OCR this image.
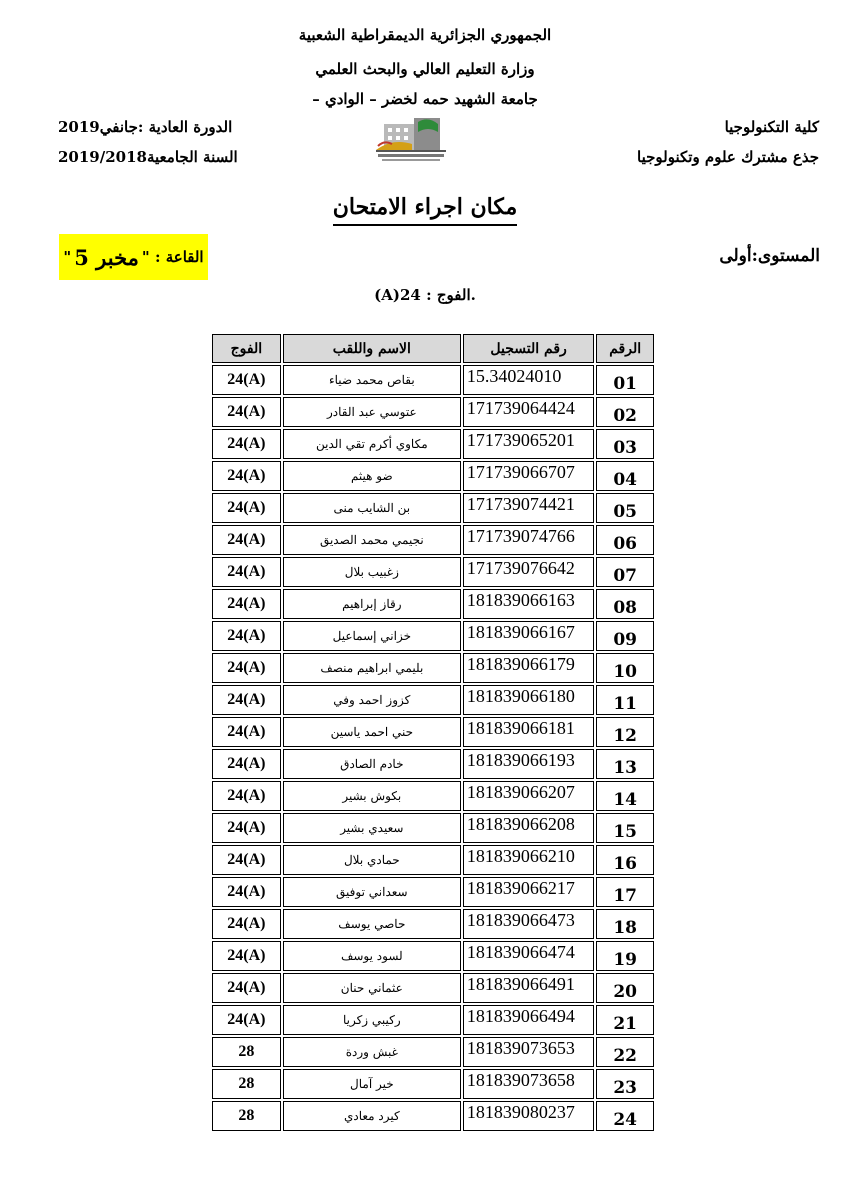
الجمهوري الجزائرية الديمقراطية الشعبية
وزارة التعليم العالي والبحث العلمي
جامعة الشهيد حمه لخضر – الوادي –
كلية التكنولوجيا
جذع مشترك علوم وتكنولوجيا
الدورة العادية :جانفي2019
السنة الجامعية2019/2018
مكان اجراء الامتحان
المستوى:أولى
القاعة : "
مخبر 5
"
.الفوج : 24(A)
الرقم	رقم التسجيل	الاسم واللقب	الفوج
01	15.34024010	بقاص محمد ضياء	24(A)
02	171739064424	عتوسي عبد القادر	24(A)
03	171739065201	مكاوي أكرم تقي الدين	24(A)
04	171739066707	ضو هيثم	24(A)
05	171739074421	بن الشايب منى	24(A)
06	171739074766	نجيمي محمد الصديق	24(A)
07	171739076642	زغبيب بلال	24(A)
08	181839066163	رقاز إبراهيم	24(A)
09	181839066167	خزاني إسماعيل	24(A)
10	181839066179	بليمي ابراهيم منصف	24(A)
11	181839066180	كزوز احمد وفي	24(A)
12	181839066181	حني احمد ياسين	24(A)
13	181839066193	خادم الصادق	24(A)
14	181839066207	بكوش بشير	24(A)
15	181839066208	سعيدي بشير	24(A)
16	181839066210	حمادي بلال	24(A)
17	181839066217	سعداني توفيق	24(A)
18	181839066473	حاصي يوسف	24(A)
19	181839066474	لسود يوسف	24(A)
20	181839066491	عثماني حنان	24(A)
21	181839066494	ركيبي زكريا	24(A)
22	181839073653	غبش وردة	28
23	181839073658	خير آمال	28
24	181839080237	كيرد معادي	28
